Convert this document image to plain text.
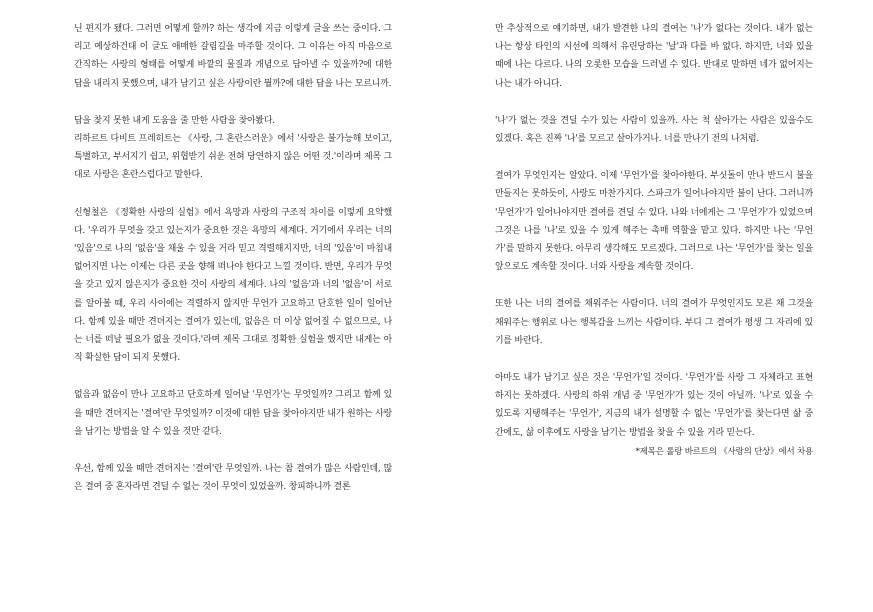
닌 편지가 됐다. 그러면 어떻게 할까? 하는 생각에 지금 이렇게 글을 쓰는 중이다. 그리고 예상하건대 이 글도 애매한 갈림길을 마주할 것이다. 그 이유는 아직 마음으로 간직하는 사랑의 형태를 어떻게 바깥의 물질과 개념으로 담아낼 수 있을까?에 대한 답을 내리지 못했으며, 내가 남기고 싶은 사랑이란 뭘까?에 대한 답을 나는 모르니까.

답을 찾지 못한 내게 도움을 줄 만한 사람을 찾아봤다.
리하르트 다비트 프레히트는 《사랑, 그 혼란스러운》에서 '사랑은 불가능해 보이고, 특별하고, 부서지기 쉽고, 위협받기 쉬운 전혀 당연하지 않은 어떤 것.'이라며 제목 그대로 사랑은 혼란스럽다고 말한다.

신형철은 《정확한 사랑의 실험》에서 욕망과 사랑의 구조적 차이를 이렇게 요약했다. '우리가 무엇을 갖고 있는지가 중요한 것은 욕망의 세계다. 거기에서 우리는 너의 '있음'으로 나의 '없음'을 채울 수 있을 거라 믿고 격렬해지지만, 너의 '있음'이 마침내 없어지면 나는 이제는 다른 곳을 향해 떠나야 한다고 느낄 것이다. 반면, 우리가 무엇을 갖고 있지 않은지가 중요한 것이 사랑의 세계다. 나의 '없음'과 너의 '없음'이 서로를 알아볼 때, 우리 사이에는 격렬하지 않지만 무언가 고요하고 단호한 일이 일어난다. 함께 있을 때만 견뎌지는 결여가 있는데, 없음은 더 이상 없어질 수 없으므로, 나는 너를 떠날 필요가 없을 것이다.'라며 제목 그대로 정확한 실험을 했지만 내게는 아직 확실한 답이 되지 못했다.

없음과 없음이 만나 고요하고 단호하게 일어날 '무언가'는 무엇일까? 그리고 함께 있을 때만 견뎌지는 '결여'란 무엇일까? 이것에 대한 답을 찾아야지만 내가 원하는 사랑을 남기는 방법을 알 수 있을 것만 같다.

우선, 함께 있을 때만 견뎌지는 '결여'란 무엇일까. 나는 참 결여가 많은 사람인데, 많은 결여 중 혼자라면 견딜 수 없는 것이 무엇이 있었을까. 창피하니까 결론

만 추상적으로 얘기하면, 내가 발견한 나의 결여는 '나'가 없다는 것이다. 내가 없는 나는 항상 타인의 시선에 의해서 유린당하는 '날'과 다를 바 없다. 하지만, 너와 있을 때에 나는 다르다. 나의 오롯한 모습을 드러낼 수 있다. 반대로 말하면 네가 없어지는 나는 내가 아니다.

'나'가 없는 것을 견딜 수가 있는 사람이 있을까. 사는 척 살아가는 사람은 있을수도 있겠다. 혹은 진짜 '나'를 모르고 살아가거나. 너를 만나기 전의 나처럼.

결여가 무엇인지는 알았다. 이제 '무언가'를 찾아야한다. 부싯돌이 만나 반드시 불을 만들지는 못하듯이, 사랑도 마찬가지다. 스파크가 일어나야지만 불이 난다. 그러니까 '무언가'가 일어나야지만 결여를 견딜 수 있다. 나와 너에게는 그 '무언가'가 있었으며 그것은 나를 '나'로 있을 수 있게 해주는 촉매 역할을 맡고 있다. 하지만 나는 '무언가'를 말하지 못한다. 아무리 생각해도 모르겠다. 그러므로 나는 '무언가'를 찾는 일을 앞으로도 계속할 것이다. 너와 사랑을 계속할 것이다.

또한 나는 너의 결여를 채워주는 사람이다. 너의 결여가 무엇인지도 모른 채 그것을 채워주는 행위로 나는 행복감을 느끼는 사람이다. 부디 그 결여가 평생 그 자리에 있기를 바란다.

아마도 내가 남기고 싶은 것은 '무언가'일 것이다. '무언가'를 사랑 그 자체라고 표현하지는 못하겠다. 사랑의 하위 개념 중 '무언가'가 있는 것이 아닐까. '나'로 있을 수 있도록 지탱해주는 '무언가', 지금의 내가 설명할 수 없는 '무언가'를 찾는다면 삶 중간에도, 삶 이후에도 사랑을 남기는 방법을 찾을 수 있을 거라 믿는다.

*제목은 롤랑 바르트의 《사랑의 단상》에서 차용
